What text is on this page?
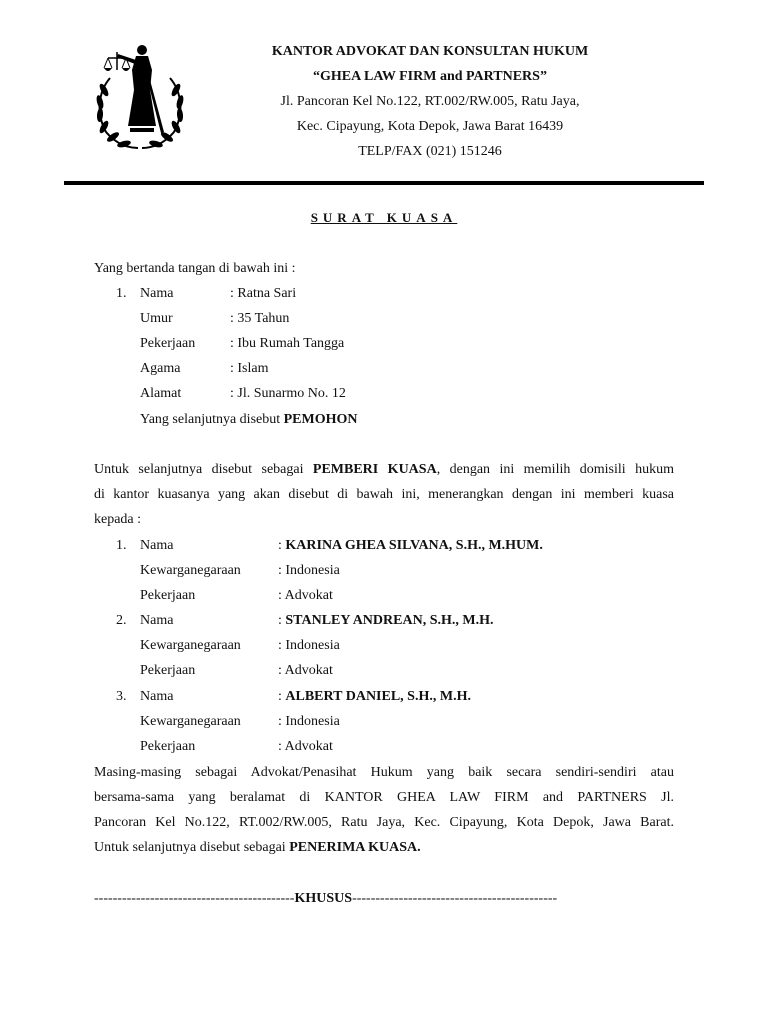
KANTOR ADVOKAT DAN KONSULTAN HUKUM
“GHEA LAW FIRM and PARTNERS”
Jl. Pancoran Kel No.122, RT.002/RW.005, Ratu Jaya,
Kec. Cipayung, Kota Depok, Jawa Barat 16439
TELP/FAX (021) 151246
SURAT KUASA
Yang bertanda tangan di bawah ini :
1. Nama	: Ratna Sari
Umur	: 35 Tahun
Pekerjaan : Ibu Rumah Tangga
Agama	: Islam
Alamat	: Jl. Sunarmo No. 12
Yang selanjutnya disebut PEMOHON
Untuk selanjutnya disebut sebagai PEMBERI KUASA, dengan ini memilih domisili hukum
di kantor kuasanya yang akan disebut di bawah ini, menerangkan dengan ini memberi kuasa
kepada :
1. Nama	: KARINA GHEA SILVANA, S.H., M.HUM.
Kewarganegaraan	: Indonesia
Pekerjaan	: Advokat
2. Nama	: STANLEY ANDREAN, S.H., M.H.
Kewarganegaraan	: Indonesia
Pekerjaan	: Advokat
3. Nama	: ALBERT DANIEL, S.H., M.H.
Kewarganegaraan	: Indonesia
Pekerjaan	: Advokat
Masing-masing sebagai Advokat/Penasihat Hukum yang baik secara sendiri-sendiri atau
bersama-sama yang beralamat di KANTOR GHEA LAW FIRM and PARTNERS Jl.
Pancoran Kel No.122, RT.002/RW.005, Ratu Jaya, Kec. Cipayung, Kota Depok, Jawa Barat.
Untuk selanjutnya disebut sebagai PENERIMA KUASA.
-------------------------------------------KHUSUS--------------------------------------------
